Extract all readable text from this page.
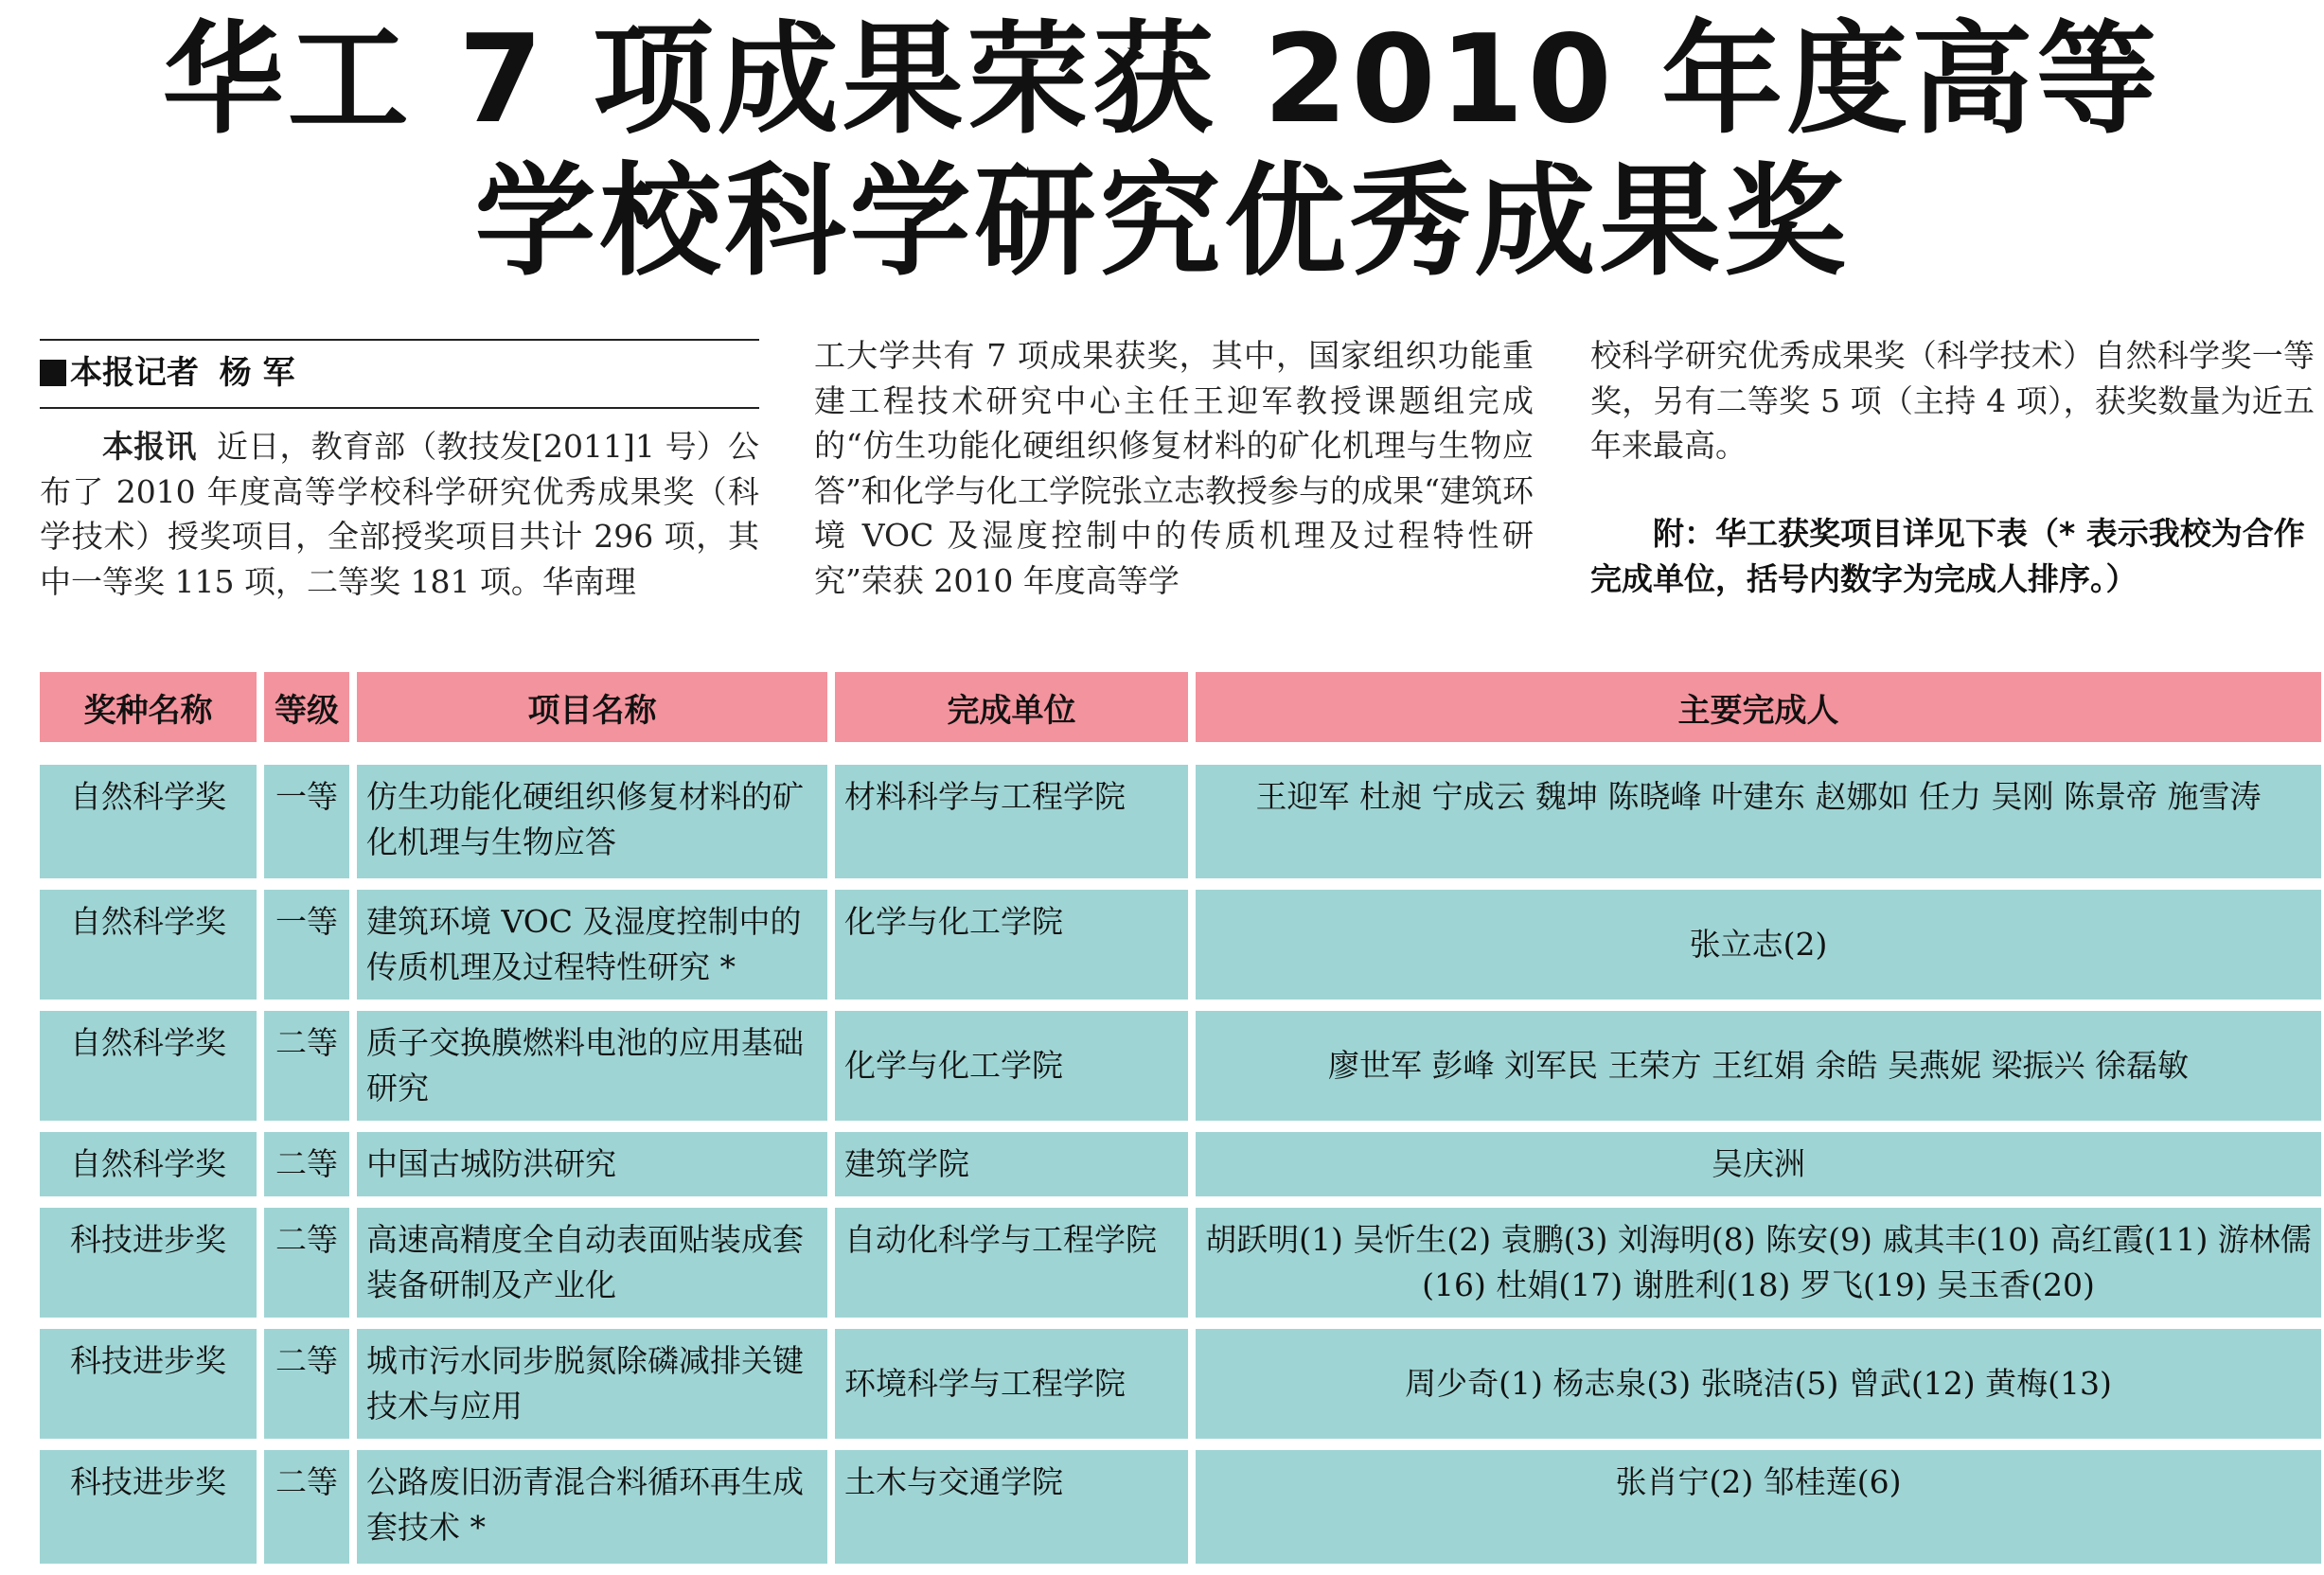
华工 7 项成果荣获 2010 年度高等
学校科学研究优秀成果奖
本报记者 杨 军
本报讯 近日，教育部（教技发[2011]1 号）公布了 2010 年度高等学校科学研究优秀成果奖（科学技术）授奖项目，全部授奖项目共计 296 项，其中一等奖 115 项，二等奖 181 项。华南理
工大学共有 7 项成果获奖，其中，国家组织功能重建工程技术研究中心主任王迎军教授课题组完成的“仿生功能化硬组织修复材料的矿化机理与生物应答”和化学与化工学院张立志教授参与的成果“建筑环境 VOC 及湿度控制中的传质机理及过程特性研究”荣获 2010 年度高等学
校科学研究优秀成果奖（科学技术）自然科学奖一等奖，另有二等奖 5 项（主持 4 项），获奖数量为近五年来最高。
附：华工获奖项目详见下表（* 表示我校为合作完成单位，括号内数字为完成人排序。）
奖种名称	等级	项目名称	完成单位	主要完成人

自然科学奖	一等	仿生功能化硬组织修复材料的矿化机理与生物应答	材料科学与工程学院	王迎军 杜昶 宁成云 魏坤 陈晓峰 叶建东 赵娜如 任力 吴刚 陈景帝 施雪涛
自然科学奖	一等	建筑环境 VOC 及湿度控制中的传质机理及过程特性研究 *	化学与化工学院	张立志(2)
自然科学奖	二等	质子交换膜燃料电池的应用基础研究	化学与化工学院	廖世军 彭峰 刘军民 王荣方 王红娟 余皓 吴燕妮 梁振兴 徐磊敏
自然科学奖	二等	中国古城防洪研究	建筑学院	吴庆洲
科技进步奖	二等	高速高精度全自动表面贴装成套装备研制及产业化	自动化科学与工程学院	胡跃明(1) 吴忻生(2) 袁鹏(3) 刘海明(8) 陈安(9) 戚其丰(10) 高红霞(11) 游林儒(16) 杜娟(17) 谢胜利(18) 罗飞(19) 吴玉香(20)
科技进步奖	二等	城市污水同步脱氮除磷减排关键技术与应用	环境科学与工程学院	周少奇(1) 杨志泉(3) 张晓洁(5) 曾武(12) 黄梅(13)
科技进步奖	二等	公路废旧沥青混合料循环再生成套技术 *	土木与交通学院	张肖宁(2) 邹桂莲(6)
